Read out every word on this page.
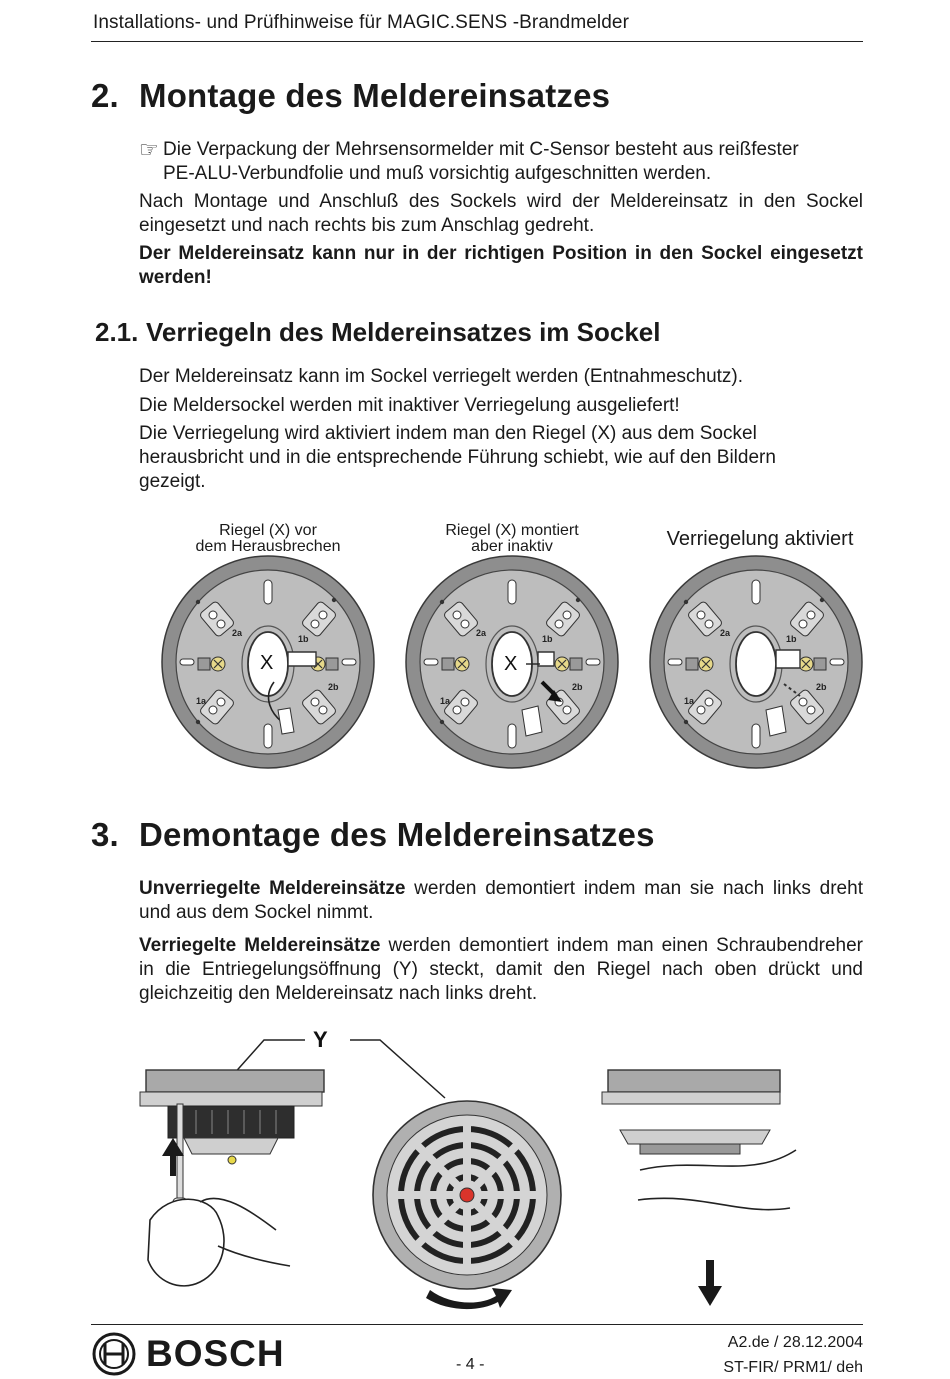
Installations- und Prüfhinweise für MAGIC.SENS -Brandmelder
2. Montage des Meldereinsatzes
☞ Die Verpackung der Mehrsensormelder mit C-Sensor besteht aus reißfester
PE-ALU-Verbundfolie und muß vorsichtig aufgeschnitten werden.
Nach Montage und Anschluß des Sockels wird der Meldereinsatz in den Sockel eingesetzt und nach rechts bis zum Anschlag gedreht.
Der Meldereinsatz kann nur in der richtigen Position in den Sockel eingesetzt werden!
2.1. Verriegeln des Meldereinsatzes im Sockel
Der Meldereinsatz kann im Sockel verriegelt werden (Entnahmeschutz).
Die Meldersockel werden mit inaktiver Verriegelung ausgeliefert!
Die Verriegelung wird aktiviert indem man den Riegel (X) aus dem Sockel herausbricht und in die entsprechende Führung schiebt, wie auf den Bildern gezeigt.
Riegel (X) vor
dem Herausbrechen
Riegel (X) montiert
aber inaktiv	Verriegelung aktiviert
2a
1b
1a
X	X
3. Demontage des Meldereinsatzes
Unverriegelte Meldereinsätze werden demontiert indem man sie nach links dreht und aus dem Sockel nimmt.
Verriegelte Meldereinsätze werden demontiert indem man einen Schraubendreher in die Entriegelungsöffnung (Y) steckt, damit den Riegel nach oben drückt und gleichzeitig den Meldereinsatz nach links dreht.
Y
BOSCH	- 4 -
A2.de / 28.12.2004
ST-FIR/ PRM1/ deh
